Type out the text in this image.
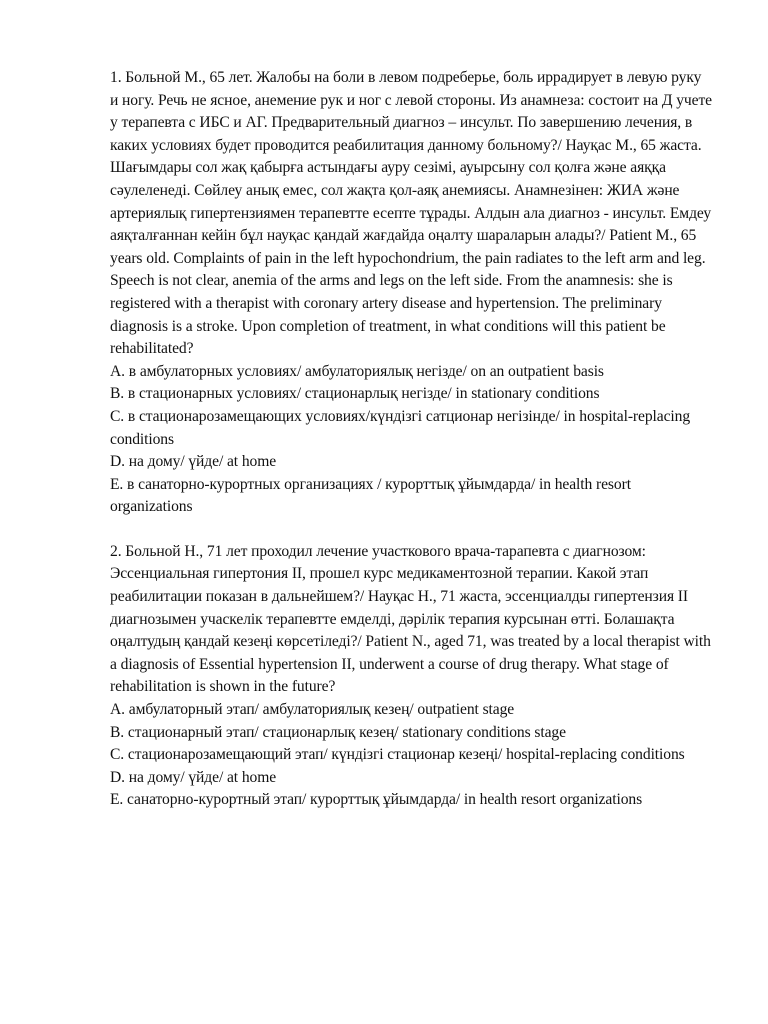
1. Больной М., 65 лет. Жалобы на боли в левом подреберье, боль иррадирует в левую руку и ногу. Речь не ясное, анемение рук и ног с левой стороны. Из анамнеза: состоит на Д учете у терапевта с ИБС и АГ. Предварительный диагноз – инсульт. По завершению лечения, в каких условиях будет проводится реабилитация данному больному?/ Науқас М., 65 жаста. Шағымдары сол жақ қабырға астындағы ауру сезімі, ауырсыну сол қолға және аяққа сәулеленеді. Сөйлеу анық емес, сол жақта қол-аяқ анемиясы. Анамнезінен: ЖИА және артериялық гипертензиямен терапевтте есепте тұрады. Алдын ала диагноз - инсульт. Емдеу аяқталғаннан кейін бұл науқас қандай жағдайда оңалту шараларын алады?/ Patient M., 65 years old. Complaints of pain in the left hypochondrium, the pain radiates to the left arm and leg. Speech is not clear, anemia of the arms and legs on the left side. From the anamnesis: she is registered with a therapist with coronary artery disease and hypertension. The preliminary diagnosis is a stroke. Upon completion of treatment, in what conditions will this patient be rehabilitated?

A. в амбулаторных условиях/ амбулаториялық негізде/ on an outpatient basis

B. в стационарных условиях/ стационарлық негізде/ in stationary conditions

C. в стационарозамещающих условиях/күндізгі сатционар негізінде/ in hospital-replacing conditions

D. на дому/ үйде/ at home

E. в санаторно-курортных организациях / курорттық ұйымдарда/ in health resort organizations

2. Больной Н., 71 лет проходил лечение участкового врача-тарапевта с диагнозом: Эссенциальная гипертония II, прошел курс медикаментозной терапии. Какой этап реабилитации показан в дальнейшем?/ Науқас Н., 71 жаста, эссенциалды гипертензия II диагнозымен учаскелік терапевтте емделді, дәрілік терапия курсынан өтті. Болашақта оңалтудың қандай кезеңі көрсетіледі?/ Patient N., aged 71, was treated by a local therapist with a diagnosis of Essential hypertension II, underwent a course of drug therapy. What stage of rehabilitation is shown in the future?

A. амбулаторный этап/ амбулаториялық кезең/ outpatient stage

B. стационарный этап/ стационарлық кезең/ stationary conditions stage

C. стационарозамещающий этап/ күндізгі стационар кезеңі/ hospital-replacing conditions

D. на дому/ үйде/ at home

E. санаторно-курортный этап/ курорттық ұйымдарда/ in health resort organizations
